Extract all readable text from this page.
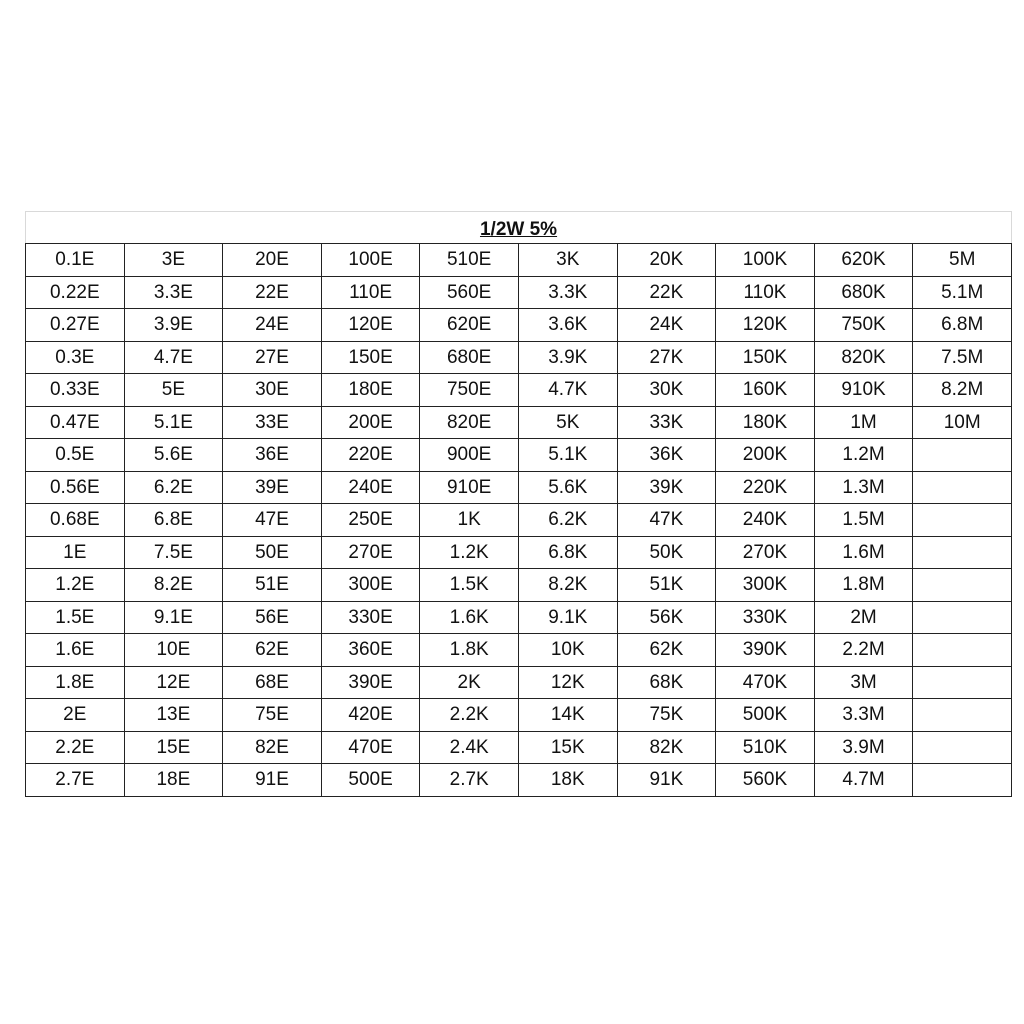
1/2W 5%									
0.1E	3E	20E	100E	510E	3K	20K	100K	620K	5M
0.22E	3.3E	22E	110E	560E	3.3K	22K	110K	680K	5.1M
0.27E	3.9E	24E	120E	620E	3.6K	24K	120K	750K	6.8M
0.3E	4.7E	27E	150E	680E	3.9K	27K	150K	820K	7.5M
0.33E	5E	30E	180E	750E	4.7K	30K	160K	910K	8.2M
0.47E	5.1E	33E	200E	820E	5K	33K	180K	1M	10M
0.5E	5.6E	36E	220E	900E	5.1K	36K	200K	1.2M	
0.56E	6.2E	39E	240E	910E	5.6K	39K	220K	1.3M	
0.68E	6.8E	47E	250E	1K	6.2K	47K	240K	1.5M	
1E	7.5E	50E	270E	1.2K	6.8K	50K	270K	1.6M	
1.2E	8.2E	51E	300E	1.5K	8.2K	51K	300K	1.8M	
1.5E	9.1E	56E	330E	1.6K	9.1K	56K	330K	2M	
1.6E	10E	62E	360E	1.8K	10K	62K	390K	2.2M	
1.8E	12E	68E	390E	2K	12K	68K	470K	3M	
2E	13E	75E	420E	2.2K	14K	75K	500K	3.3M	
2.2E	15E	82E	470E	2.4K	15K	82K	510K	3.9M	
2.7E	18E	91E	500E	2.7K	18K	91K	560K	4.7M	
